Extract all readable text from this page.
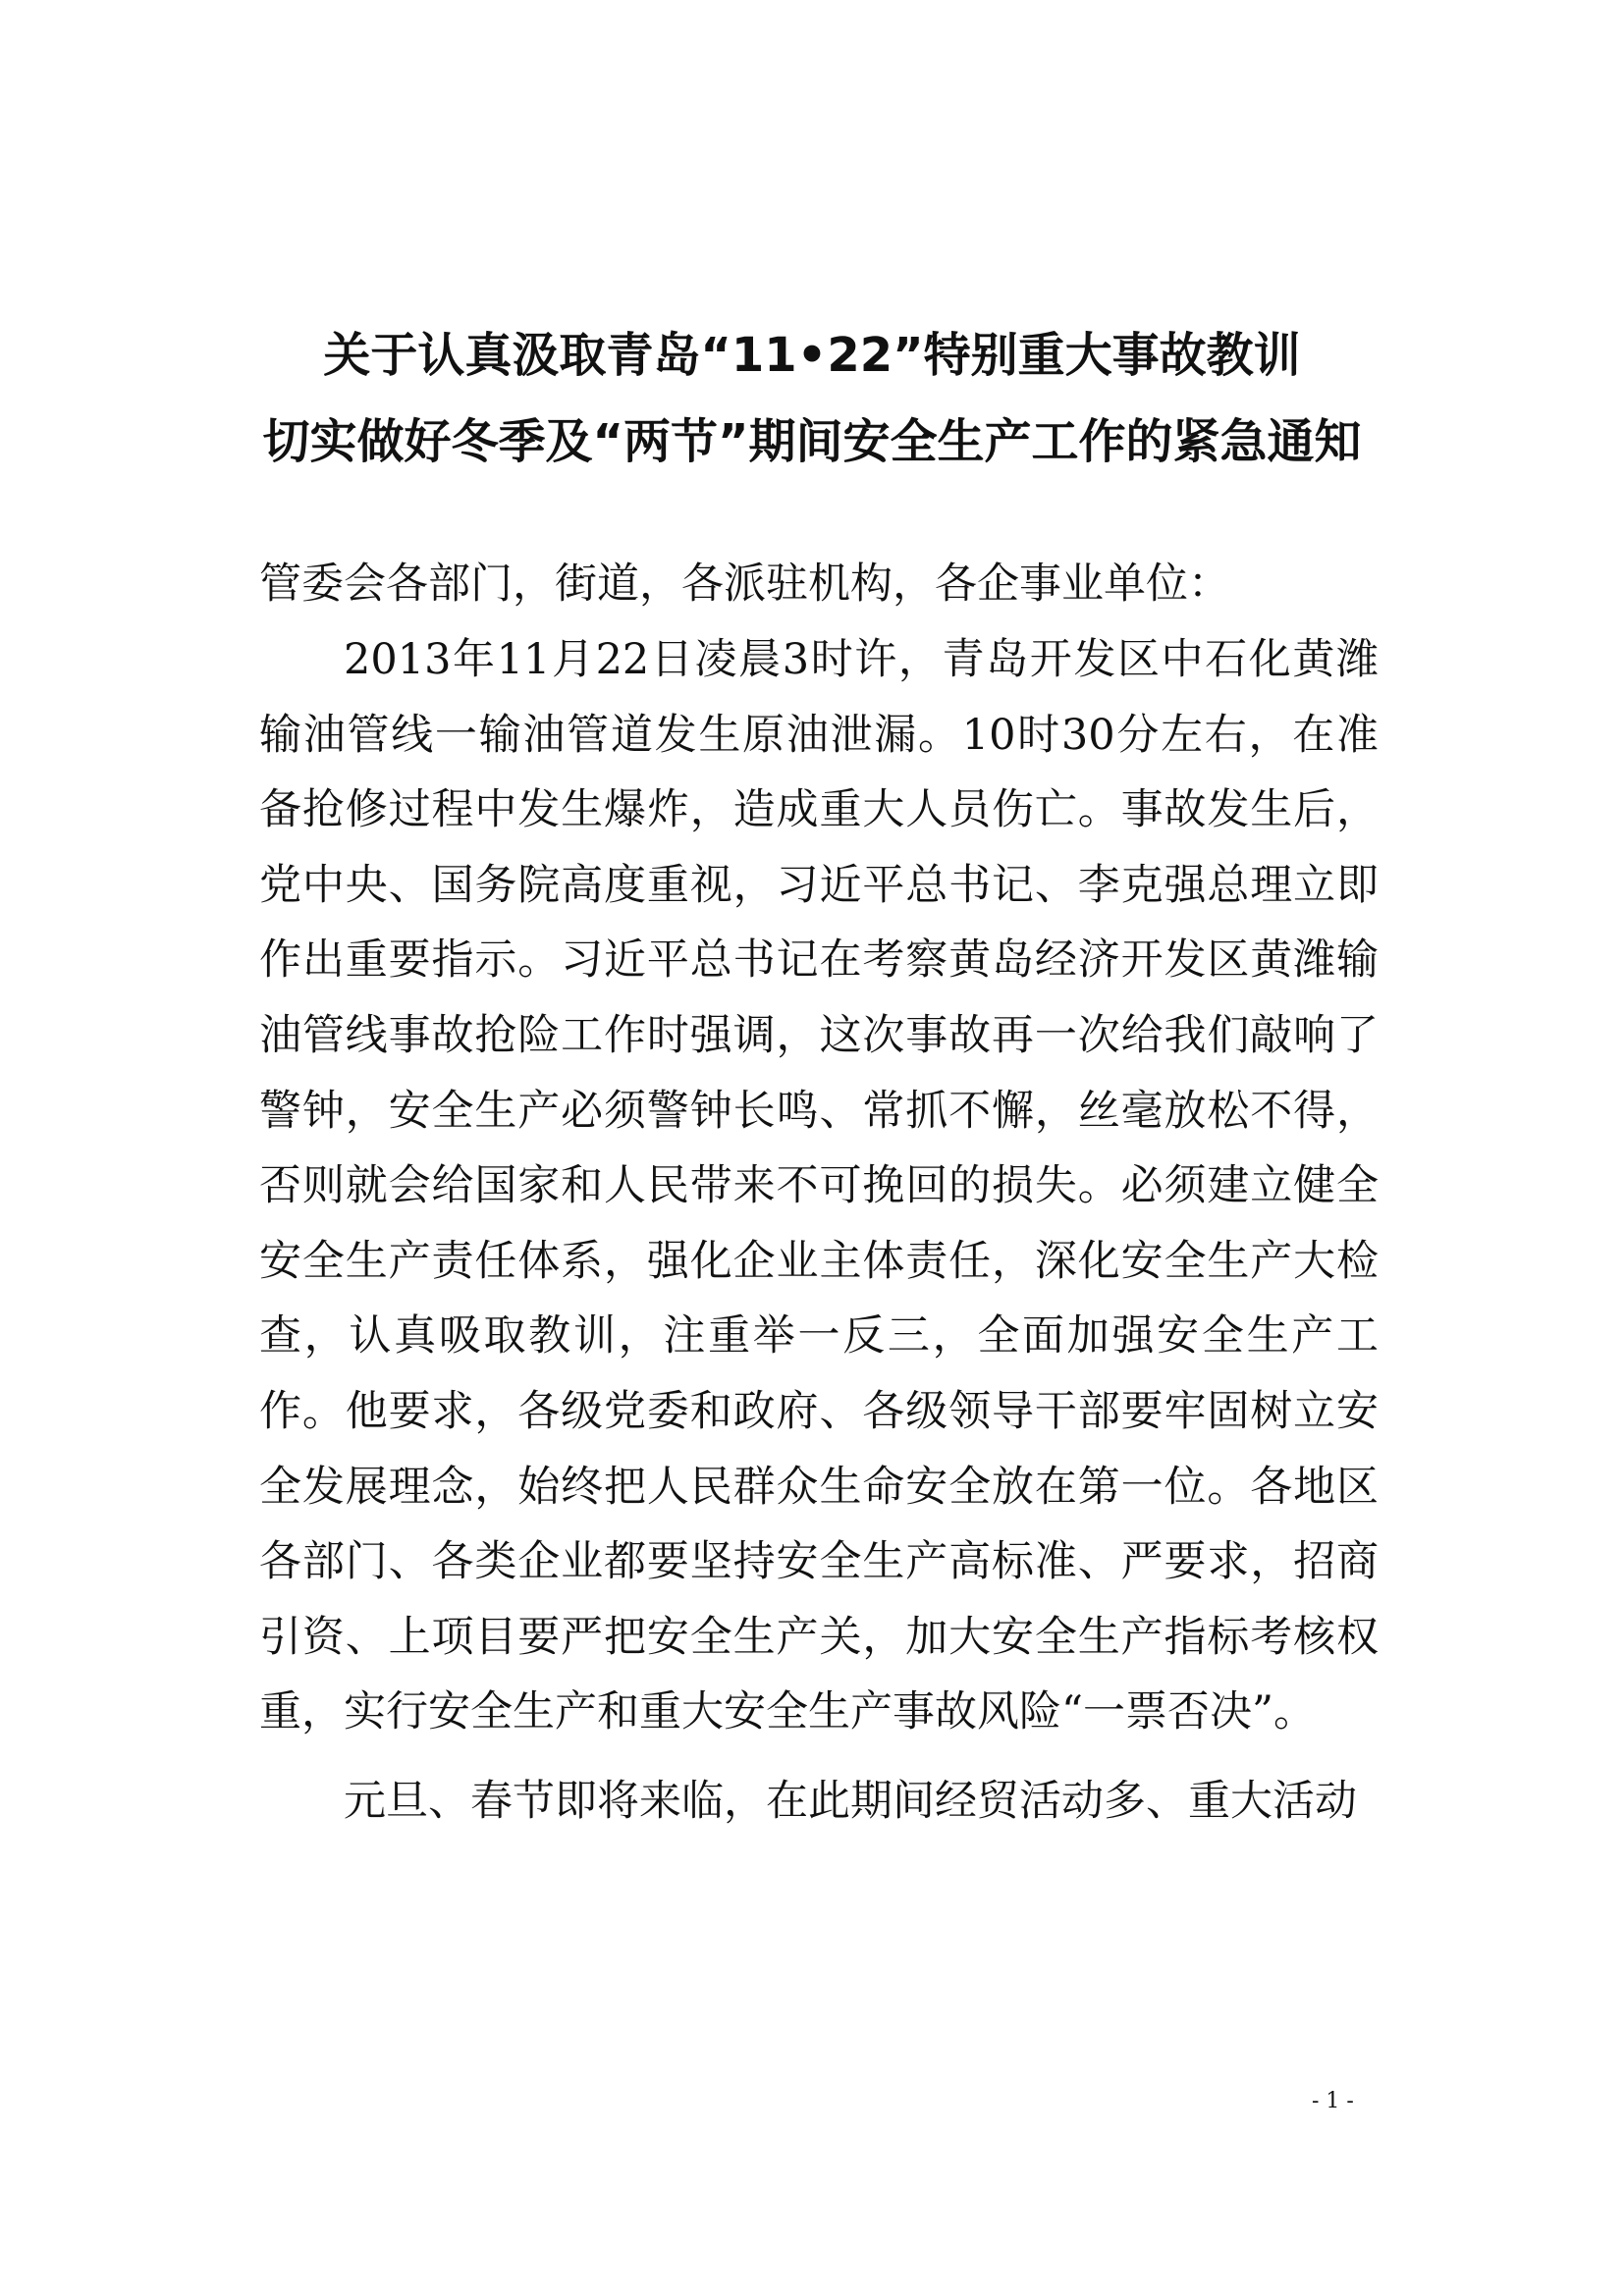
关于认真汲取青岛“11•22”特别重大事故教训
切实做好冬季及“两节”期间安全生产工作的紧急通知

管委会各部门，街道，各派驻机构，各企事业单位：

2013年11月22日凌晨3时许，青岛开发区中石化黄潍输油管线一输油管道发生原油泄漏。10时30分左右，在准备抢修过程中发生爆炸，造成重大人员伤亡。事故发生后，党中央、国务院高度重视，习近平总书记、李克强总理立即作出重要指示。习近平总书记在考察黄岛经济开发区黄潍输油管线事故抢险工作时强调，这次事故再一次给我们敲响了警钟，安全生产必须警钟长鸣、常抓不懈，丝毫放松不得，否则就会给国家和人民带来不可挽回的损失。必须建立健全安全生产责任体系，强化企业主体责任，深化安全生产大检查，认真吸取教训，注重举一反三，全面加强安全生产工作。他要求，各级党委和政府、各级领导干部要牢固树立安全发展理念，始终把人民群众生命安全放在第一位。各地区各部门、各类企业都要坚持安全生产高标准、严要求，招商引资、上项目要严把安全生产关，加大安全生产指标考核权重，实行安全生产和重大安全生产事故风险“一票否决”。

元旦、春节即将来临，在此期间经贸活动多、重大活动

- 1 -
